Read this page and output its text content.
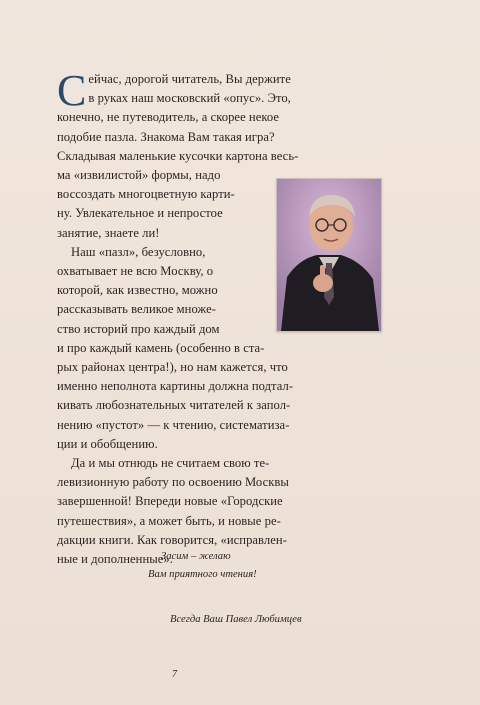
С ейчас, дорогой читатель, Вы держите
в руках наш московский «опус». Это,
конечно, не путеводитель, а скорее некое
подобие пазла. Знакома Вам такая игра?
Складывая маленькие кусочки картона весь-
ма «извилистой» формы, надо
воссоздать многоцветную карти-
ну. Увлекательное и непростое
занятие, знаете ли!
Наш «пазл», безусловно,
охватывает не всю Москву, о
которой, как известно, можно
рассказывать великое множе-
ство историй про каждый дом
и про каждый камень (особенно в ста-
рых районах центра!), но нам кажется, что
именно неполнота картины должна подтал-
кивать любознательных читателей к запол-
нению «пустот» — к чтению, систематиза-
ции и обобщению.
Да и мы отнюдь не считаем свою те-
левизионную работу по освоению Москвы
завершенной! Впереди новые «Городские
путешествия», а может быть, и новые ре-
дакции книги. Как говорится, «исправлен-
ные и дополненные».
Засим – желаю
Вам приятного чтения!
Всегда Ваш Павел Любимцев
7
